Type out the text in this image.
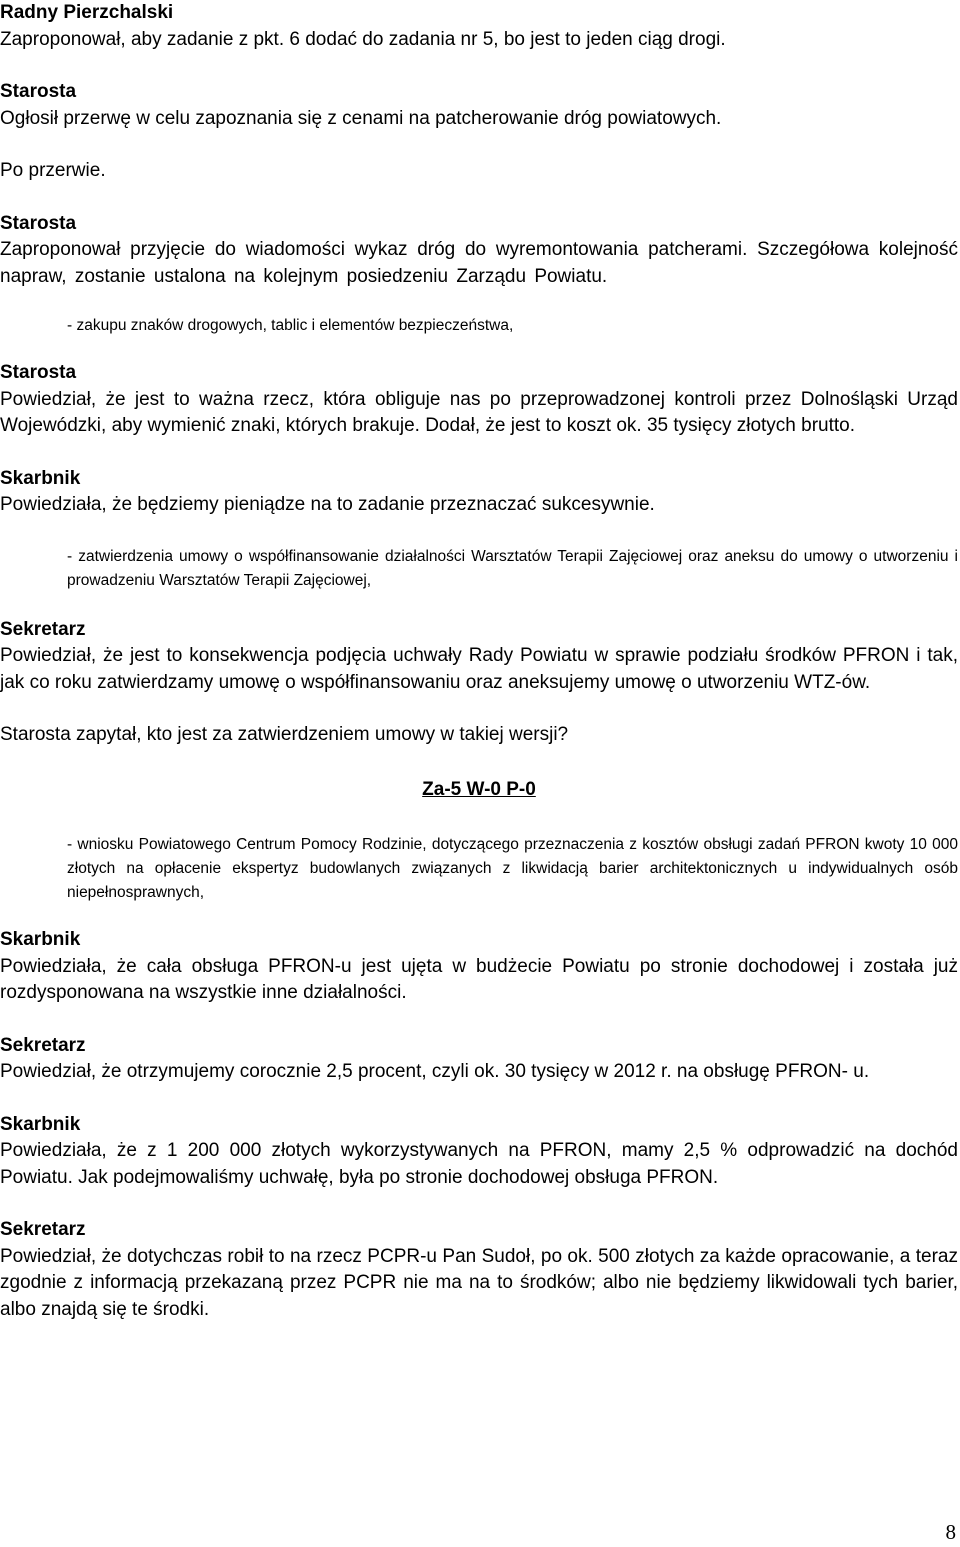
Radny Pierzchalski

Zaproponował, aby zadanie z pkt. 6 dodać do zadania nr 5, bo jest to jeden ciąg drogi.

Starosta

Ogłosił przerwę w celu zapoznania się z cenami na patcherowanie dróg powiatowych.

Po przerwie.

Starosta

Zaproponował przyjęcie do wiadomości wykaz dróg do wyremontowania patcherami. Szczegółowa kolejność napraw, zostanie ustalona na kolejnym posiedzeniu Zarządu Powiatu.

- zakupu znaków drogowych, tablic i elementów bezpieczeństwa,

Starosta

Powiedział, że jest to ważna rzecz, która obliguje nas po przeprowadzonej kontroli przez Dolnośląski Urząd Wojewódzki, aby wymienić znaki, których brakuje. Dodał, że jest to koszt ok. 35 tysięcy złotych brutto.

Skarbnik

Powiedziała, że będziemy pieniądze na to zadanie przeznaczać sukcesywnie.

- zatwierdzenia umowy o współfinansowanie działalności Warsztatów Terapii Zajęciowej oraz aneksu do umowy o utworzeniu i prowadzeniu Warsztatów Terapii Zajęciowej,

Sekretarz

Powiedział, że jest to konsekwencja podjęcia uchwały Rady Powiatu w sprawie podziału środków PFRON i tak, jak co roku zatwierdzamy umowę o współfinansowaniu oraz aneksujemy umowę o utworzeniu WTZ-ów.

Starosta zapytał, kto jest za zatwierdzeniem umowy w takiej wersji?

Za-5 W-0 P-0

- wniosku Powiatowego Centrum Pomocy Rodzinie, dotyczącego przeznaczenia z kosztów obsługi zadań PFRON kwoty 10 000 złotych na opłacenie ekspertyz budowlanych związanych z likwidacją barier architektonicznych u indywidualnych osób niepełnosprawnych,

Skarbnik

Powiedziała, że cała obsługa PFRON-u jest ujęta w budżecie Powiatu po stronie dochodowej i została już rozdysponowana na wszystkie inne działalności.

Sekretarz

Powiedział, że otrzymujemy corocznie 2,5 procent, czyli ok. 30 tysięcy w 2012 r. na obsługę PFRON- u.

Skarbnik

Powiedziała, że z 1 200 000 złotych wykorzystywanych na PFRON, mamy 2,5 % odprowadzić na dochód Powiatu. Jak podejmowaliśmy uchwałę, była po stronie dochodowej obsługa PFRON.

Sekretarz

Powiedział, że dotychczas robił to na rzecz PCPR-u Pan Sudoł, po ok. 500 złotych za każde opracowanie, a teraz zgodnie z informacją przekazaną przez PCPR nie ma na to środków; albo nie będziemy likwidowali tych barier, albo znajdą się te środki.

8
